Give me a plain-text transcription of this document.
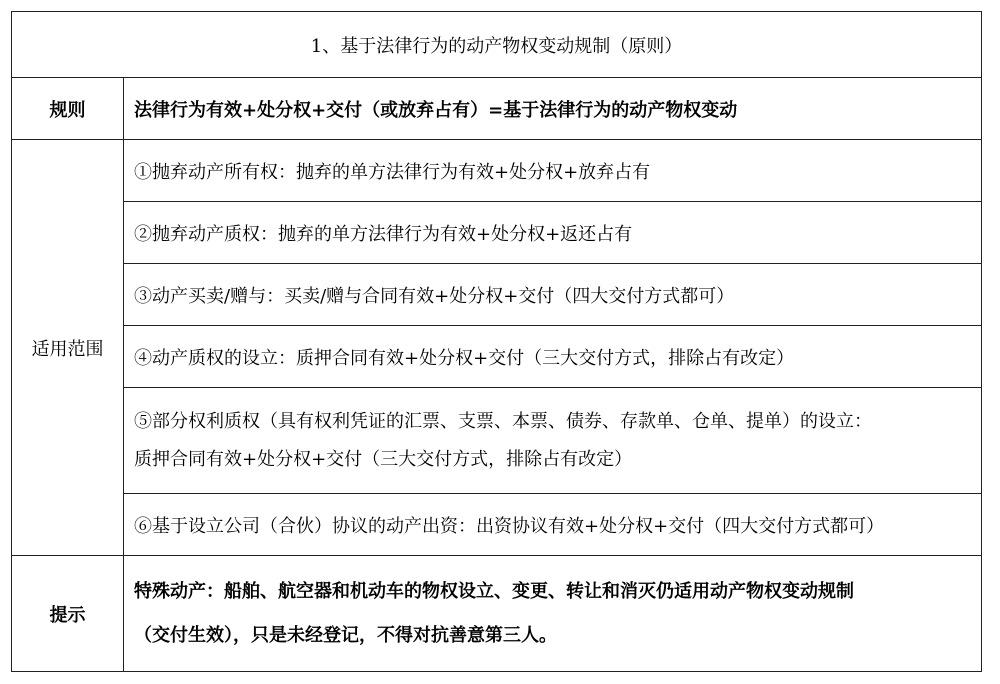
1、基于法律行为的动产物权变动规制（原则）	
规则	法律行为有效+处分权+交付（或放弃占有）=基于法律行为的动产物权变动
适用范围	①抛弃动产所有权：抛弃的单方法律行为有效+处分权+放弃占有
	②抛弃动产质权：抛弃的单方法律行为有效+处分权+返还占有
	③动产买卖/赠与：买卖/赠与合同有效+处分权+交付（四大交付方式都可）
	④动产质权的设立：质押合同有效+处分权+交付（三大交付方式，排除占有改定）

	⑤部分权利质权（具有权利凭证的汇票、支票、本票、债券、存款单、仓单、提单）的设立：
质押合同有效+处分权+交付（三大交付方式，排除占有改定）

	⑥基于设立公司（合伙）协议的动产出资：出资协议有效+处分权+交付（四大交付方式都可）
提示	特殊动产：船舶、航空器和机动车的物权设立、变更、转让和消灭仍适用动产物权变动规制
（交付生效），只是未经登记，不得对抗善意第三人。
